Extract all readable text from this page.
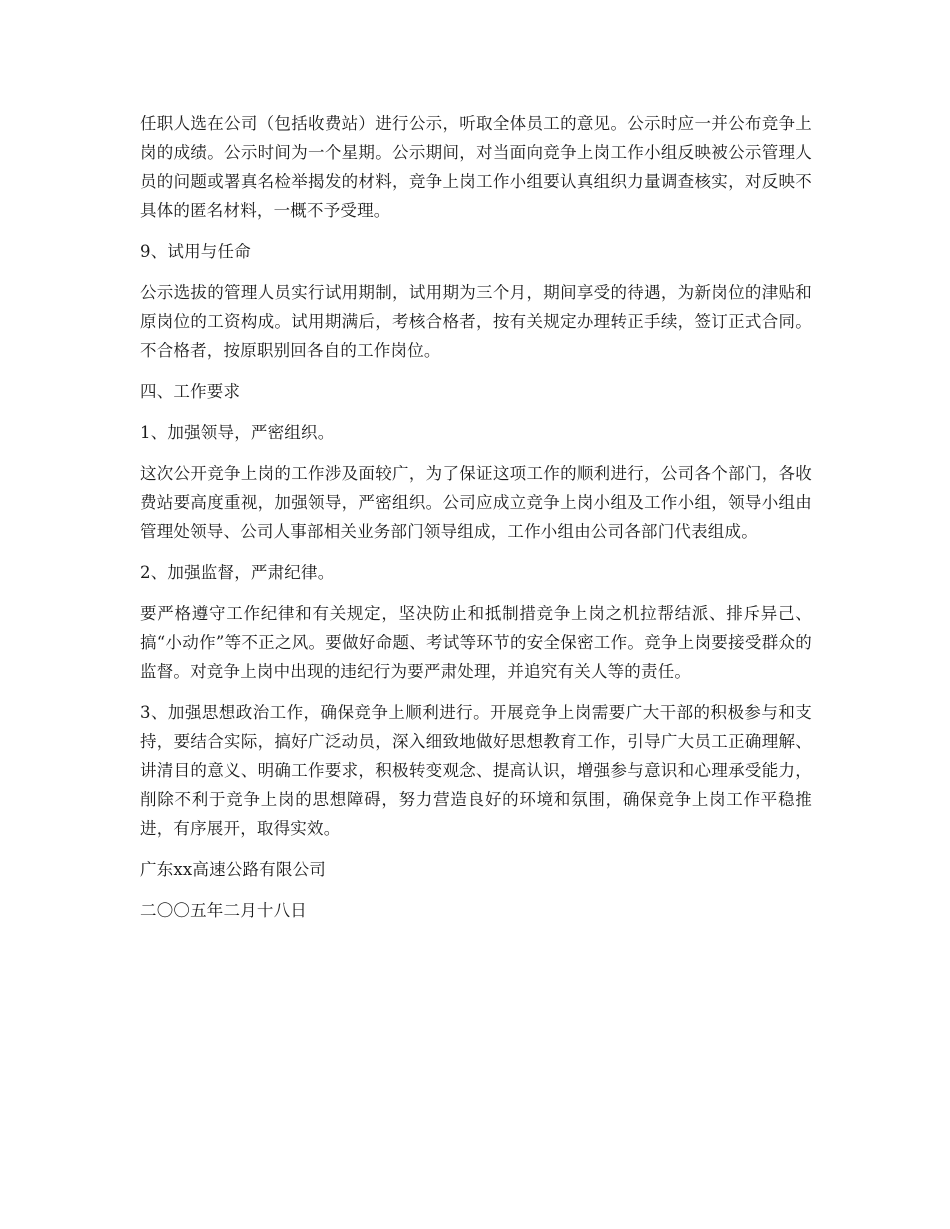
任职人选在公司（包括收费站）进行公示，听取全体员工的意见。公示时应一并公布竞争上岗的成绩。公示时间为一个星期。公示期间，对当面向竞争上岗工作小组反映被公示管理人员的问题或署真名检举揭发的材料，竞争上岗工作小组要认真组织力量调查核实，对反映不具体的匿名材料，一概不予受理。

9、试用与任命

公示选拔的管理人员实行试用期制，试用期为三个月，期间享受的待遇，为新岗位的津贴和原岗位的工资构成。试用期满后，考核合格者，按有关规定办理转正手续，签订正式合同。不合格者，按原职别回各自的工作岗位。

四、工作要求

1、加强领导，严密组织。

这次公开竞争上岗的工作涉及面较广，为了保证这项工作的顺利进行，公司各个部门，各收费站要高度重视，加强领导，严密组织。公司应成立竞争上岗小组及工作小组，领导小组由管理处领导、公司人事部相关业务部门领导组成，工作小组由公司各部门代表组成。

2、加强监督，严肃纪律。

要严格遵守工作纪律和有关规定，坚决防止和抵制措竞争上岗之机拉帮结派、排斥异己、搞“小动作”等不正之风。要做好命题、考试等环节的安全保密工作。竞争上岗要接受群众的监督。对竞争上岗中出现的违纪行为要严肃处理，并追究有关人等的责任。

3、加强思想政治工作，确保竞争上顺利进行。开展竞争上岗需要广大干部的积极参与和支持，要结合实际，搞好广泛动员，深入细致地做好思想教育工作，引导广大员工正确理解、讲清目的意义、明确工作要求，积极转变观念、提高认识，增强参与意识和心理承受能力，削除不利于竞争上岗的思想障碍，努力营造良好的环境和氛围，确保竞争上岗工作平稳推进，有序展开，取得实效。

广东xx高速公路有限公司

二〇〇五年二月十八日
